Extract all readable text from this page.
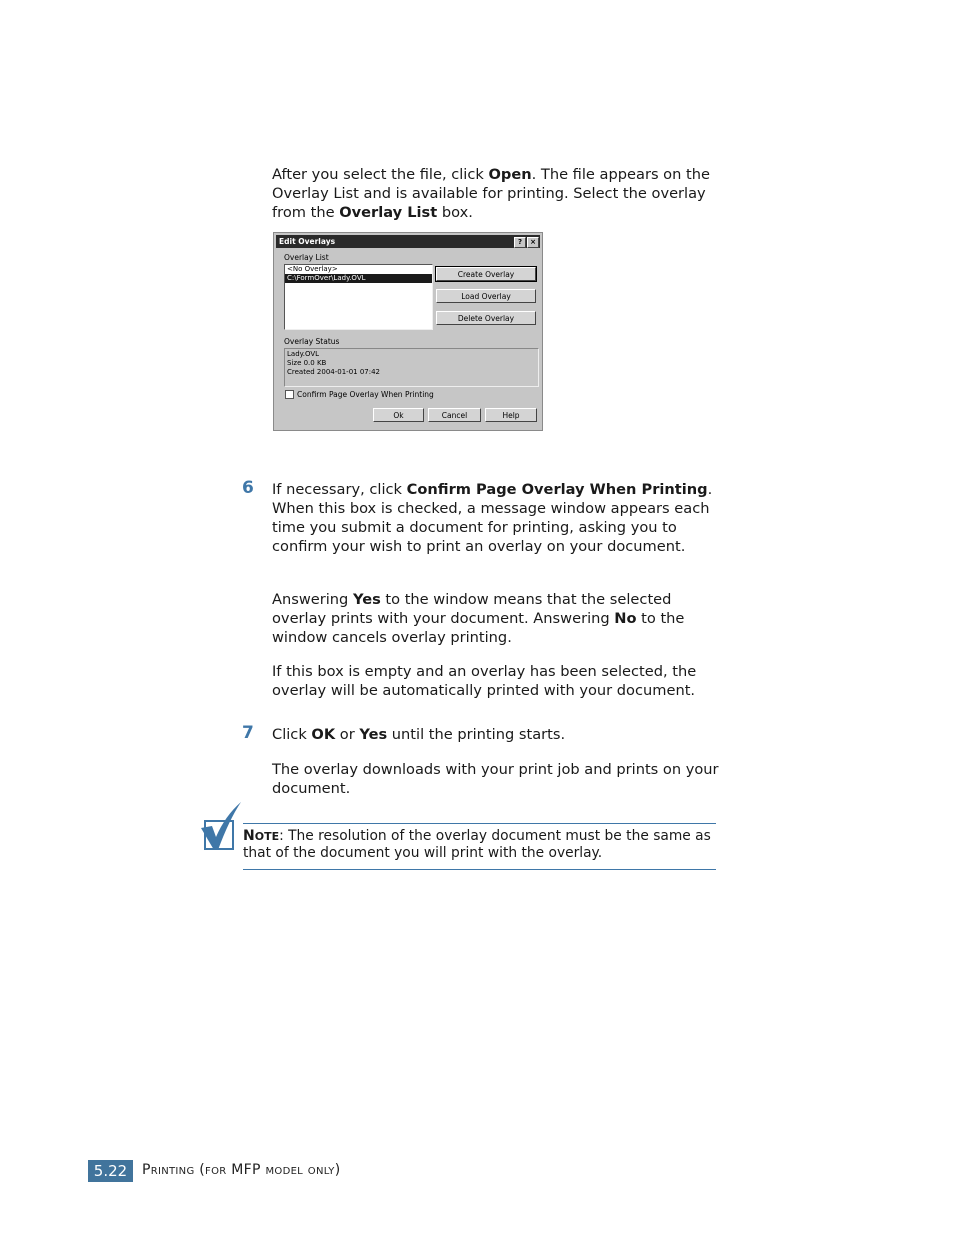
After you select the file, click Open. The file appears on the Overlay List and is available for printing. Select the overlay from the Overlay List box.
Edit Overlays	?	×
Overlay List
<No Overlay>
C:\FormOver\Lady.OVL	Create Overlay
Load Overlay
Delete Overlay
Overlay Status
Lady.OVL
Size 0.0 KB
Created 2004-01-01 07:42
Confirm Page Overlay When Printing
Ok	Cancel	Help
6 If necessary, click Confirm Page Overlay When Printing. When this box is checked, a message window appears each time you submit a document for printing, asking you to confirm your wish to print an overlay on your document.
Answering Yes to the window means that the selected overlay prints with your document. Answering No to the window cancels overlay printing.
If this box is empty and an overlay has been selected, the overlay will be automatically printed with your document.
7 Click OK or Yes until the printing starts.
The overlay downloads with your print job and prints on your document.
NOTE: The resolution of the overlay document must be the same as that of the document you will print with the overlay.
5.22	Printing (for MFP model only)
